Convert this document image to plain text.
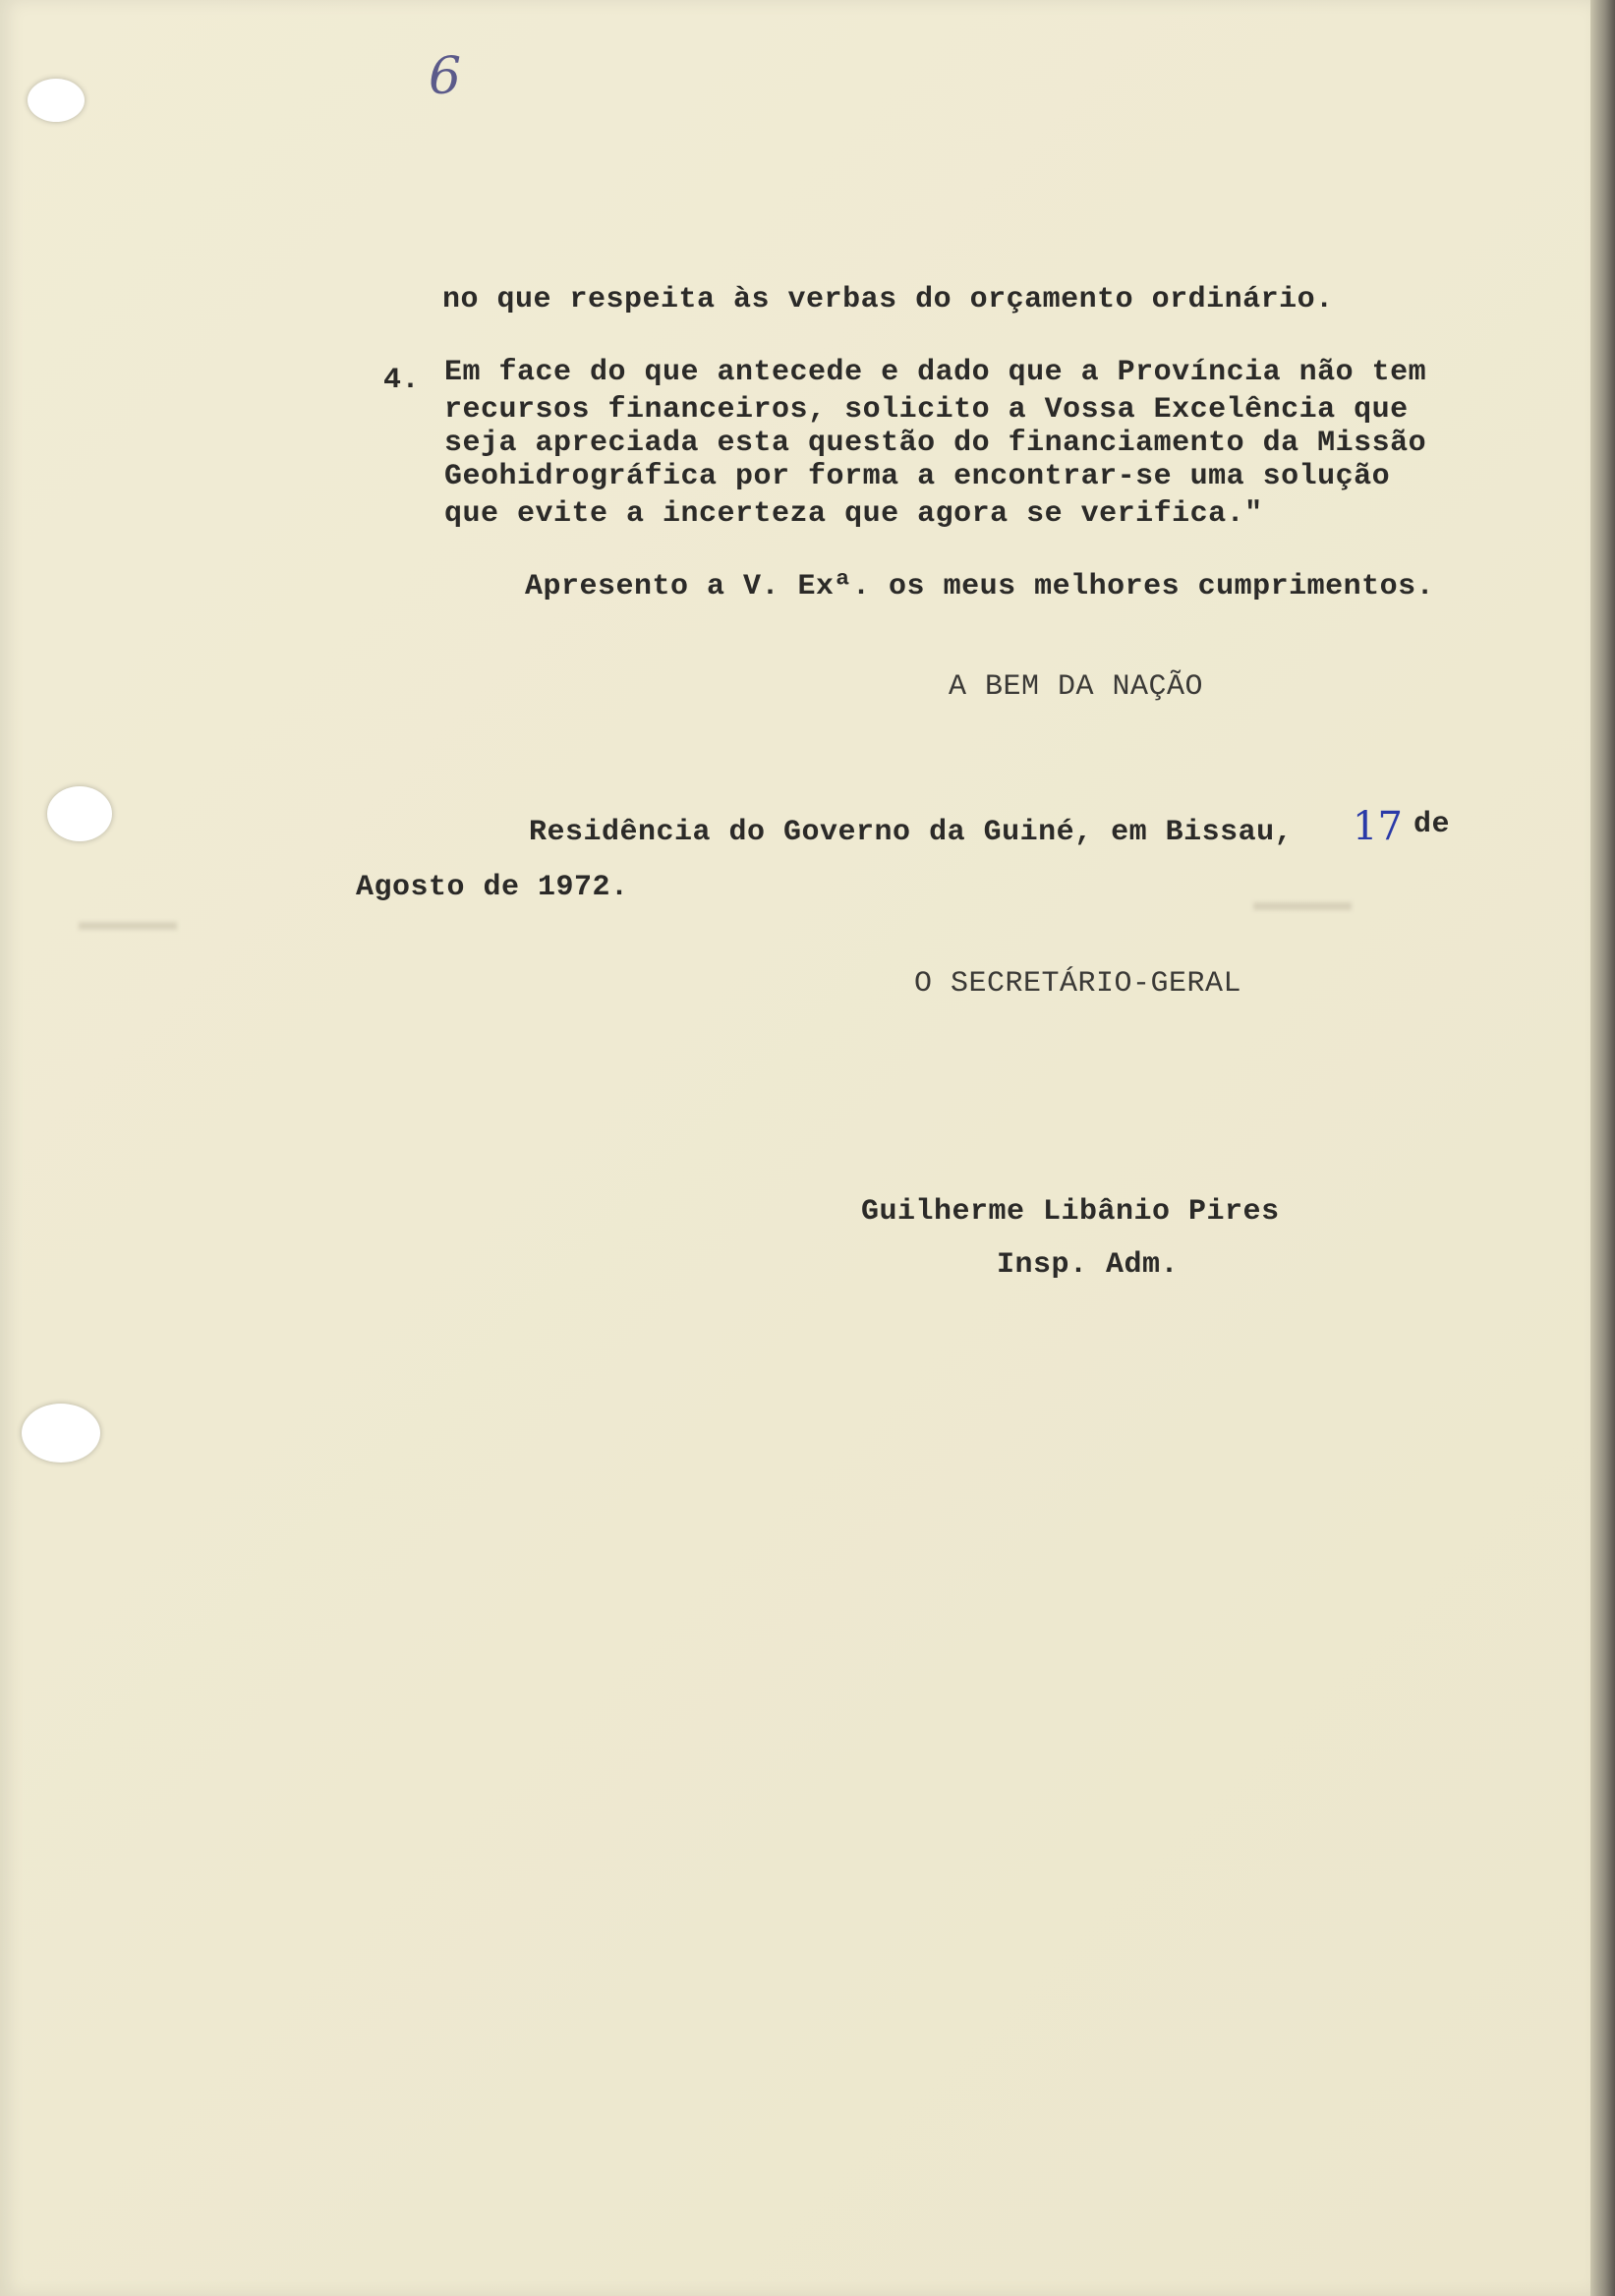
6

no que respeita às verbas do orçamento ordinário.

4. Em face do que antecede e dado que a Província não tem

recursos financeiros, solicito a Vossa Excelência que

seja apreciada esta questão do financiamento da Missão

Geohidrográfica por forma a encontrar-se uma solução

que evite a incerteza que agora se verifica."

Apresento a V. Exª. os meus melhores cumprimentos.

A BEM DA NAÇÃO

Residência do Governo da Guiné, em Bissau, 17 de

Agosto de 1972.

O SECRETÁRIO-GERAL

Guilherme Libânio Pires

Insp. Adm.
